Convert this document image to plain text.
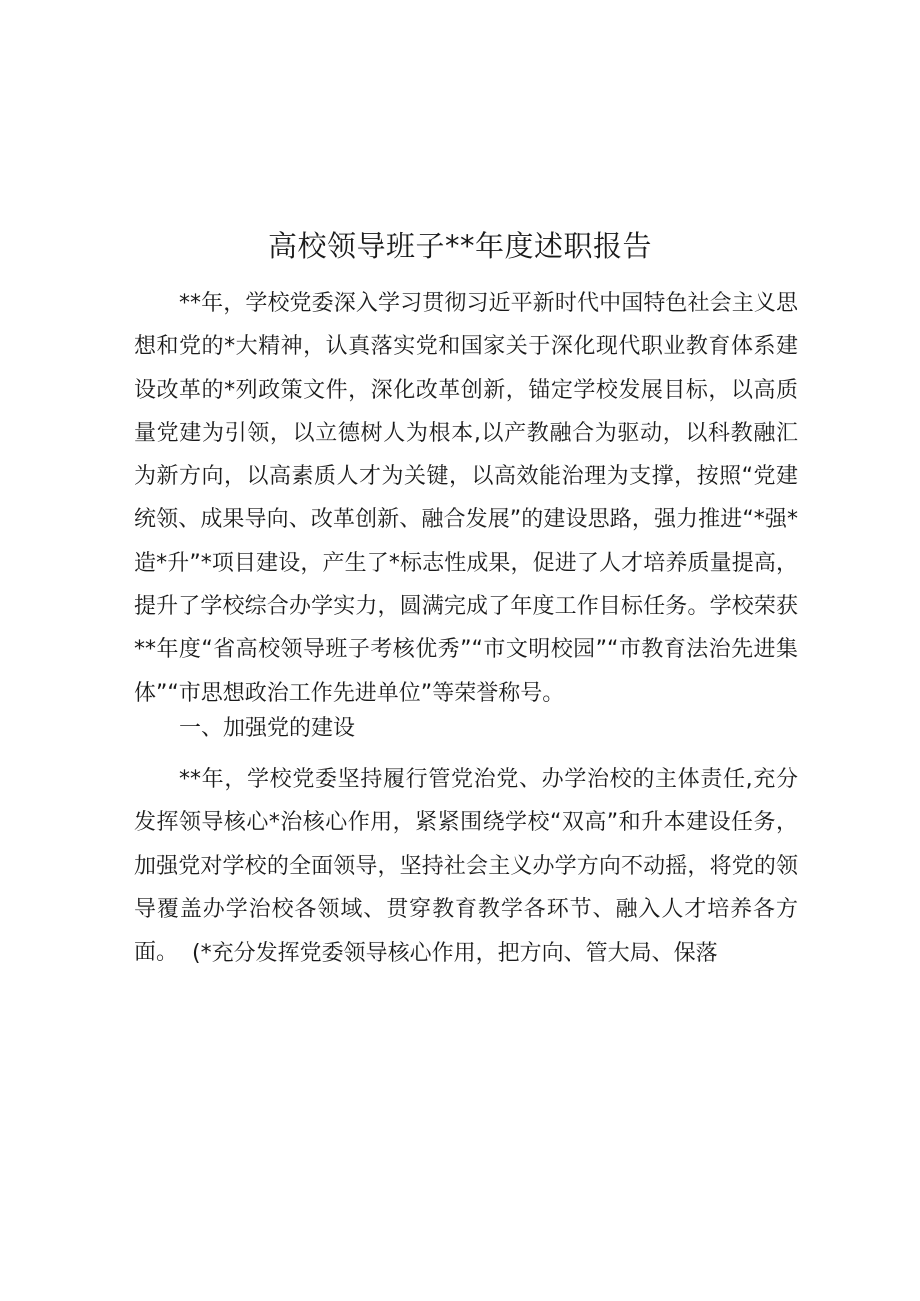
高校领导班子**年度述职报告

**年，学校党委深入学习贯彻习近平新时代中国特色社会主义思想和党的*大精神，认真落实党和国家关于深化现代职业教育体系建设改革的*列政策文件，深化改革创新，锚定学校发展目标，以高质量党建为引领，以立德树人为根本,以产教融合为驱动，以科教融汇为新方向，以高素质人才为关键，以高效能治理为支撑，按照“党建统领、成果导向、改革创新、融合发展”的建设思路，强力推进“*强*造*升”*项目建设，产生了*标志性成果，促进了人才培养质量提高，提升了学校综合办学实力，圆满完成了年度工作目标任务。学校荣获**年度“省高校领导班子考核优秀”“市文明校园”“市教育法治先进集体”“市思想政治工作先进单位”等荣誉称号。

一、加强党的建设

**年，学校党委坚持履行管党治党、办学治校的主体责任,充分发挥领导核心*治核心作用，紧紧围绕学校“双高”和升本建设任务，加强党对学校的全面领导，坚持社会主义办学方向不动摇，将党的领导覆盖办学治校各领域、贯穿教育教学各环节、融入人才培养各方面。 (*充分发挥党委领导核心作用，把方向、管大局、保落
